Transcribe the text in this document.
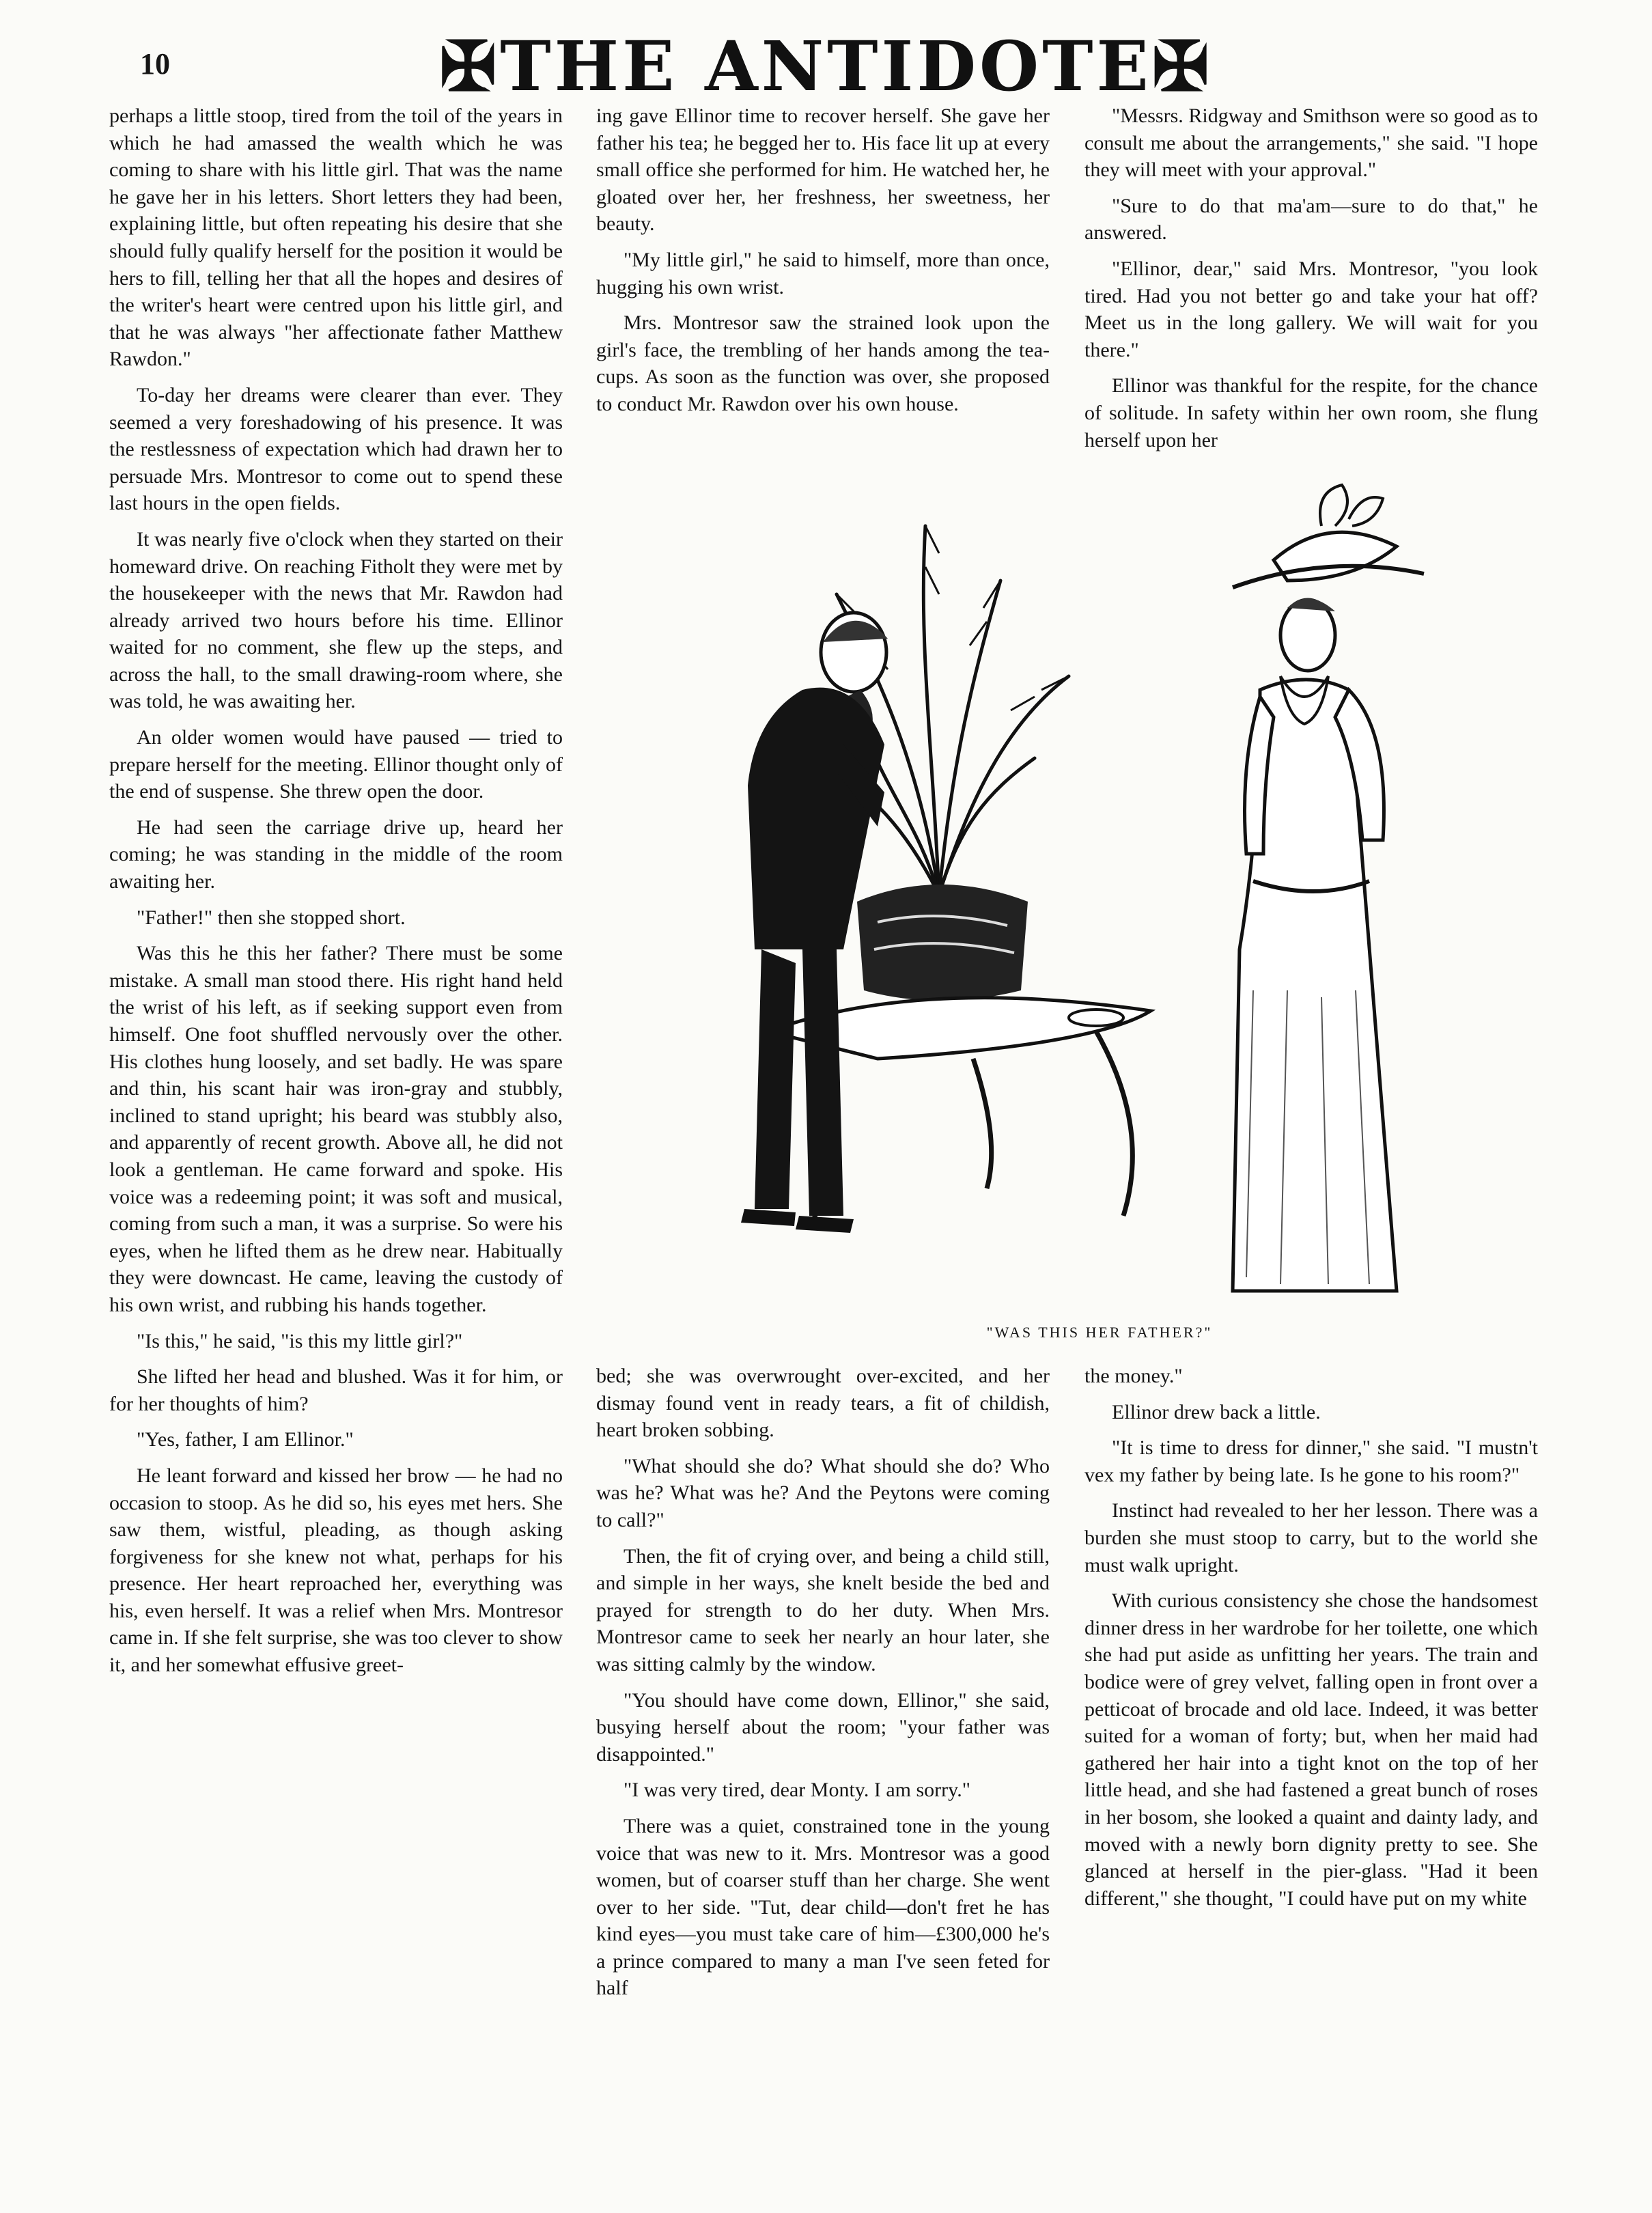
10	✠THE ANTIDOTE✠

perhaps a little stoop, tired from the toil of the years in which he had amassed the wealth which he was coming to share with his little girl. That was the name he gave her in his letters. Short letters they had been, explaining little, but often repeating his desire that she should fully qualify herself for the position it would be hers to fill, telling her that all the hopes and desires of the writer's heart were centred upon his little girl, and that he was always "her affectionate father Matthew Rawdon."

To-day her dreams were clearer than ever. They seemed a very foreshadowing of his presence. It was the restlessness of expectation which had drawn her to persuade Mrs. Montresor to come out to spend these last hours in the open fields.

It was nearly five o'clock when they started on their homeward drive. On reaching Fitholt they were met by the housekeeper with the news that Mr. Rawdon had already arrived two hours before his time. Ellinor waited for no comment, she flew up the steps, and across the hall, to the small drawing-room where, she was told, he was awaiting her.

An older women would have paused — tried to prepare herself for the meeting. Ellinor thought only of the end of suspense. She threw open the door.

He had seen the carriage drive up, heard her coming; he was standing in the middle of the room awaiting her.

"Father!" then she stopped short.

Was this he this her father? There must be some mistake. A small man stood there. His right hand held the wrist of his left, as if seeking support even from himself. One foot shuffled nervously over the other. His clothes hung loosely, and set badly. He was spare and thin, his scant hair was iron-gray and stubbly, inclined to stand upright; his beard was stubbly also, and apparently of recent growth. Above all, he did not look a gentleman. He came forward and spoke. His voice was a redeeming point; it was soft and musical, coming from such a man, it was a surprise. So were his eyes, when he lifted them as he drew near. Habitually they were downcast. He came, leaving the custody of his own wrist, and rubbing his hands together.

"Is this," he said, "is this my little girl?"

She lifted her head and blushed. Was it for him, or for her thoughts of him?

"Yes, father, I am Ellinor."

He leant forward and kissed her brow — he had no occasion to stoop. As he did so, his eyes met hers. She saw them, wistful, pleading, as though asking forgiveness for she knew not what, perhaps for his presence. Her heart reproached her, everything was his, even herself. It was a relief when Mrs. Montresor came in. If she felt surprise, she was too clever to show it, and her somewhat effusive greet-

ing gave Ellinor time to recover herself. She gave her father his tea; he begged her to. His face lit up at every small office she performed for him. He watched her, he gloated over her, her freshness, her sweetness, her beauty.

"My little girl," he said to himself, more than once, hugging his own wrist.

Mrs. Montresor saw the strained look upon the girl's face, the trembling of her hands among the tea-cups. As soon as the function was over, she proposed to conduct Mr. Rawdon over his own house.

"Messrs. Ridgway and Smithson were so good as to consult me about the arrangements," she said. "I hope they will meet with your approval."

"Sure to do that ma'am—sure to do that," he answered.

"Ellinor, dear," said Mrs. Montresor, "you look tired. Had you not better go and take your hat off? Meet us in the long gallery. We will wait for you there."

Ellinor was thankful for the respite, for the chance of solitude. In safety within her own room, she flung herself upon her

"WAS THIS HER FATHER?"

bed; she was overwrought over-excited, and her dismay found vent in ready tears, a fit of childish, heart broken sobbing.

"What should she do? What should she do? Who was he? What was he? And the Peytons were coming to call?"

Then, the fit of crying over, and being a child still, and simple in her ways, she knelt beside the bed and prayed for strength to do her duty. When Mrs. Montresor came to seek her nearly an hour later, she was sitting calmly by the window.

"You should have come down, Ellinor," she said, busying herself about the room; "your father was disappointed."

"I was very tired, dear Monty. I am sorry."

There was a quiet, constrained tone in the young voice that was new to it. Mrs. Montresor was a good women, but of coarser stuff than her charge. She went over to her side. "Tut, dear child—don't fret he has kind eyes—you must take care of him—£300,000 he's a prince compared to many a man I've seen feted for half

the money."

Ellinor drew back a little.

"It is time to dress for dinner," she said. "I mustn't vex my father by being late. Is he gone to his room?"

Instinct had revealed to her her lesson. There was a burden she must stoop to carry, but to the world she must walk upright.

With curious consistency she chose the handsomest dinner dress in her wardrobe for her toilette, one which she had put aside as unfitting her years. The train and bodice were of grey velvet, falling open in front over a petticoat of brocade and old lace. Indeed, it was better suited for a woman of forty; but, when her maid had gathered her hair into a tight knot on the top of her little head, and she had fastened a great bunch of roses in her bosom, she looked a quaint and dainty lady, and moved with a newly born dignity pretty to see. She glanced at herself in the pier-glass. "Had it been different," she thought, "I could have put on my white
